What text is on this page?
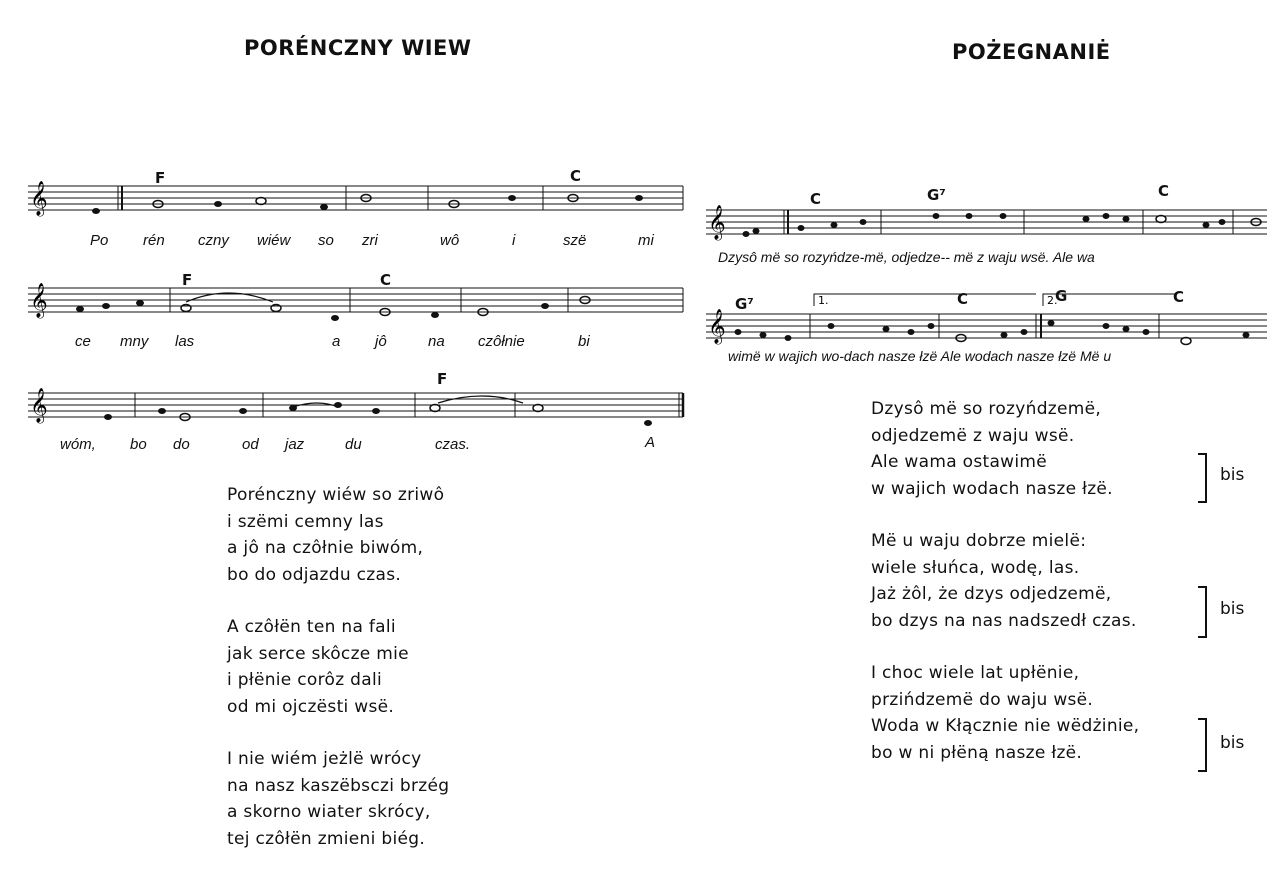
PORÉNCZNY WIEW	POŻEGNANIĖ
𝄞
F	C
Po rén czny wiéw so zri	wô	i	szë	mi
𝄞
F	C
ce mny las	a jô	na czôłnie	bi
𝄞
F
wóm, bo do	od jaz	du	czas.	A
Porénczny wiéw so zriwô
i szëmi cemny las
a jô na czôłnie biwóm,
bo do odjazdu czas.
A czôłën ten na fali
jak serce skôcze mie
i płënie corôz dali
od mi ojczësti wsë.
I nie wiém jeżlë wrócy
na nasz kaszëbsczi brzég
a skorno wiater skrócy,
tej czôłën zmieni biég.
𝄞
C	G⁷	C
Dzysô më so rozyńdze-më, odjedze-- më z waju wsë. Ale wa
𝄞
1.	2.
G⁷	C	G	C
wimë w wajich wo-dach nasze łzë Ale wodach nasze łzë Më u
Dzysô më so rozyńdzemë,
odjedzemë z waju wsë.
Ale wama ostawimë
w wajich wodach nasze łzë.
Më u waju dobrze mielë:
wiele słuńca, wodę, las.
Jaż żôl, że dzys odjedzemë,
bo dzys na nas nadszedł czas.
I choc wiele lat upłënie,
przińdzemë do waju wsë.
Woda w Kłącznie nie wëdżinie,
bo w ni płëną nasze łzë.
bis
bis
bis
